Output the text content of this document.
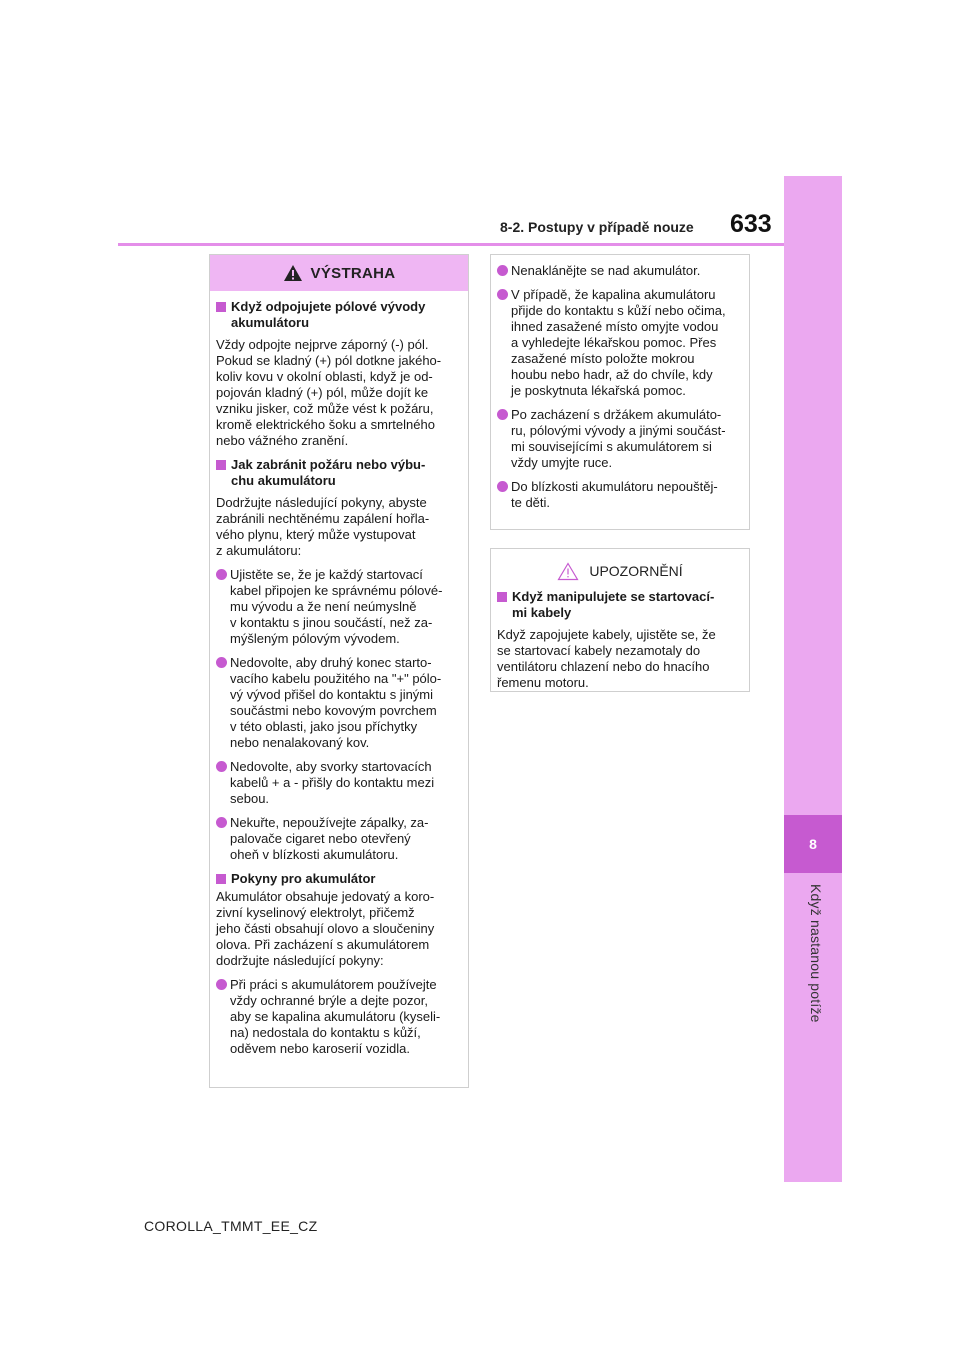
8
Když nastanou potíže
8-2. Postupy v případě nouze 633
VÝSTRAHA
Když odpojujete pólové vývody
akumulátoru
Vždy odpojte nejprve záporný (-) pól.
Pokud se kladný (+) pól dotkne jakého-
koliv kovu v okolní oblasti, když je od-
pojován kladný (+) pól, může dojít ke
vzniku jisker, což může vést k požáru,
kromě elektrického šoku a smrtelného
nebo vážného zranění.
Jak zabránit požáru nebo výbu-
chu akumulátoru
Dodržujte následující pokyny, abyste
zabránili nechtěnému zapálení hořla-
vého plynu, který může vystupovat
z akumulátoru:
Ujistěte se, že je každý startovací
kabel připojen ke správnému pólové-
mu vývodu a že není neúmyslně
v kontaktu s jinou součástí, než za-
mýšleným pólovým vývodem.
Nedovolte, aby druhý konec starto-
vacího kabelu použitého na "+" pólo-
vý vývod přišel do kontaktu s jinými
součástmi nebo kovovým povrchem
v této oblasti, jako jsou příchytky
nebo nenalakovaný kov.
Nedovolte, aby svorky startovacích
kabelů + a - přišly do kontaktu mezi
sebou.
Nekuřte, nepoužívejte zápalky, za-
palovače cigaret nebo otevřený
oheň v blízkosti akumulátoru.
Pokyny pro akumulátor
Akumulátor obsahuje jedovatý a koro-
zivní kyselinový elektrolyt, přičemž
jeho části obsahují olovo a sloučeniny
olova. Při zacházení s akumulátorem
dodržujte následující pokyny:
Při práci s akumulátorem používejte
vždy ochranné brýle a dejte pozor,
aby se kapalina akumulátoru (kyseli-
na) nedostala do kontaktu s kůží,
oděvem nebo karoserií vozidla.
Nenaklánějte se nad akumulátor.
V případě, že kapalina akumulátoru
přijde do kontaktu s kůží nebo očima,
ihned zasažené místo omyjte vodou
a vyhledejte lékařskou pomoc. Přes
zasažené místo položte mokrou
houbu nebo hadr, až do chvíle, kdy
je poskytnuta lékařská pomoc.
Po zacházení s držákem akumuláto-
ru, pólovými vývody a jinými součást-
mi souvisejícími s akumulátorem si
vždy umyjte ruce.
Do blízkosti akumulátoru nepouštěj-
te děti.
UPOZORNĚNÍ
Když manipulujete se startovací-
mi kabely
Když zapojujete kabely, ujistěte se, že
se startovací kabely nezamotaly do
ventilátoru chlazení nebo do hnacího
řemenu motoru.
COROLLA_TMMT_EE_CZ
